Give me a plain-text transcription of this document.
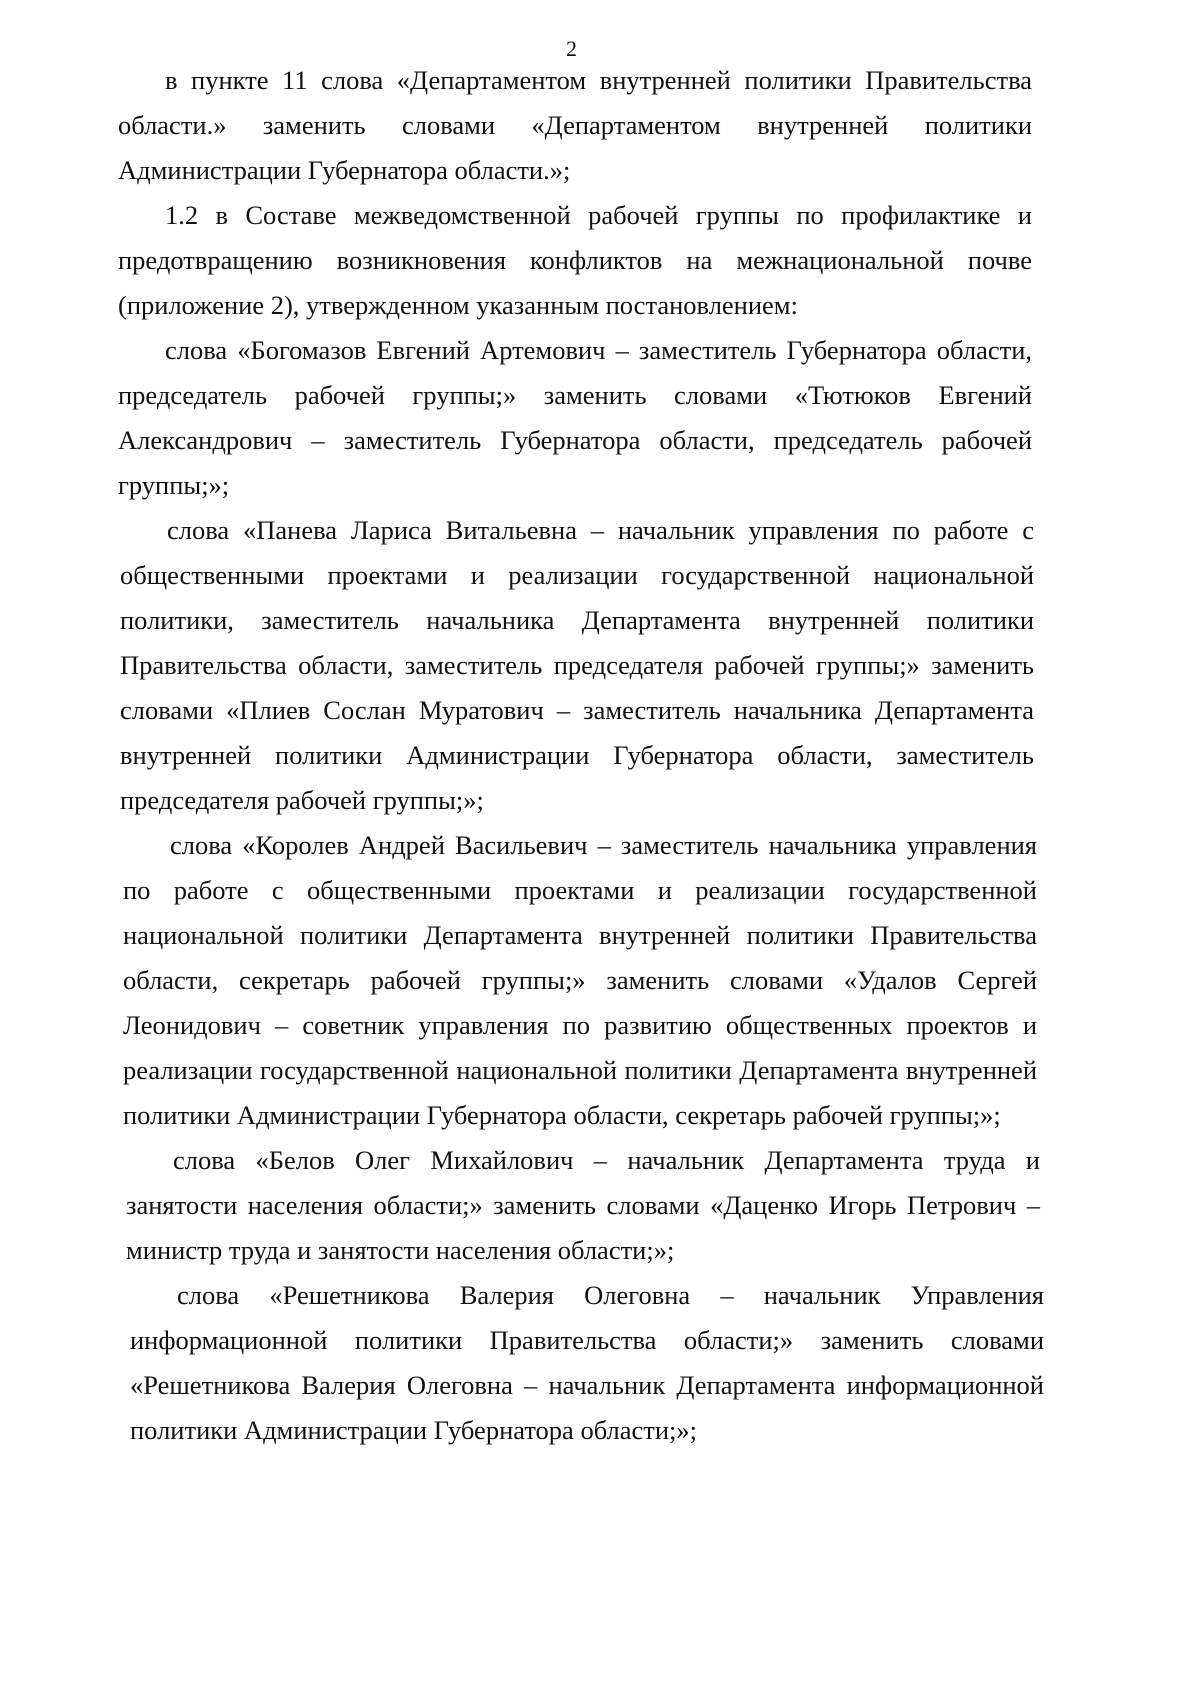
2
в пункте 11 слова «Департаментом внутренней политики Правительства
области.» заменить словами «Департаментом внутренней политики
Администрации Губернатора области.»;
1.2 в Составе межведомственной рабочей группы по профилактике и
предотвращению возникновения конфликтов на межнациональной почве
(приложение 2), утвержденном указанным постановлением:
слова «Богомазов Евгений Артемович – заместитель Губернатора области,
председатель рабочей группы;» заменить словами «Тютюков Евгений
Александрович – заместитель Губернатора области, председатель рабочей
группы;»;
слова «Панева Лариса Витальевна – начальник управления по работе с
общественными проектами и реализации государственной национальной
политики, заместитель начальника Департамента внутренней политики
Правительства области, заместитель председателя рабочей группы;» заменить
словами «Плиев Сослан Муратович – заместитель начальника Департамента
внутренней политики Администрации Губернатора области, заместитель
председателя рабочей группы;»;
слова «Королев Андрей Васильевич – заместитель начальника управления
по работе с общественными проектами и реализации государственной
национальной политики Департамента внутренней политики Правительства
области, секретарь рабочей группы;» заменить словами «Удалов Сергей
Леонидович – советник управления по развитию общественных проектов и
реализации государственной национальной политики Департамента внутренней
политики Администрации Губернатора области, секретарь рабочей группы;»;
слова «Белов Олег Михайлович – начальник Департамента труда и
занятости населения области;» заменить словами «Даценко Игорь Петрович –
министр труда и занятости населения области;»;
слова «Решетникова Валерия Олеговна – начальник Управления
информационной политики Правительства области;» заменить словами
«Решетникова Валерия Олеговна – начальник Департамента информационной
политики Администрации Губернатора области;»;
